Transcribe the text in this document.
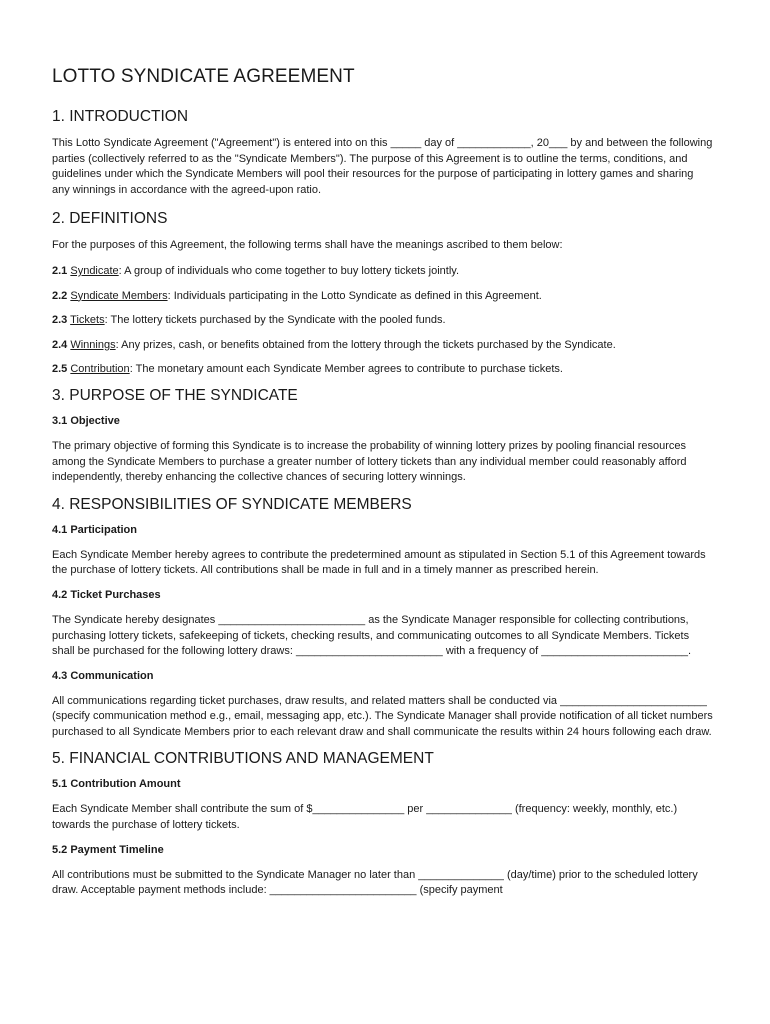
LOTTO SYNDICATE AGREEMENT
1. INTRODUCTION

This Lotto Syndicate Agreement ("Agreement") is entered into on this _____ day of ____________, 20___ by and between the following parties (collectively referred to as the "Syndicate Members"). The purpose of this Agreement is to outline the terms, conditions, and guidelines under which the Syndicate Members will pool their resources for the purpose of participating in lottery games and sharing any winnings in accordance with the agreed-upon ratio.

2. DEFINITIONS

For the purposes of this Agreement, the following terms shall have the meanings ascribed to them below:

2.1 Syndicate: A group of individuals who come together to buy lottery tickets jointly.

2.2 Syndicate Members: Individuals participating in the Lotto Syndicate as defined in this Agreement.

2.3 Tickets: The lottery tickets purchased by the Syndicate with the pooled funds.

2.4 Winnings: Any prizes, cash, or benefits obtained from the lottery through the tickets purchased by the Syndicate.

2.5 Contribution: The monetary amount each Syndicate Member agrees to contribute to purchase tickets.

3. PURPOSE OF THE SYNDICATE
3.1 Objective

The primary objective of forming this Syndicate is to increase the probability of winning lottery prizes by pooling financial resources among the Syndicate Members to purchase a greater number of lottery tickets than any individual member could reasonably afford independently, thereby enhancing the collective chances of securing lottery winnings.

4. RESPONSIBILITIES OF SYNDICATE MEMBERS
4.1 Participation

Each Syndicate Member hereby agrees to contribute the predetermined amount as stipulated in Section 5.1 of this Agreement towards the purchase of lottery tickets. All contributions shall be made in full and in a timely manner as prescribed herein.

4.2 Ticket Purchases

The Syndicate hereby designates ________________________ as the Syndicate Manager responsible for collecting contributions, purchasing lottery tickets, safekeeping of tickets, checking results, and communicating outcomes to all Syndicate Members. Tickets shall be purchased for the following lottery draws: ________________________ with a frequency of ________________________.

4.3 Communication

All communications regarding ticket purchases, draw results, and related matters shall be conducted via ________________________ (specify communication method e.g., email, messaging app, etc.). The Syndicate Manager shall provide notification of all ticket numbers purchased to all Syndicate Members prior to each relevant draw and shall communicate the results within 24 hours following each draw.

5. FINANCIAL CONTRIBUTIONS AND MANAGEMENT
5.1 Contribution Amount

Each Syndicate Member shall contribute the sum of $_______________ per ______________ (frequency: weekly, monthly, etc.) towards the purchase of lottery tickets.

5.2 Payment Timeline

All contributions must be submitted to the Syndicate Manager no later than ______________ (day/time) prior to the scheduled lottery draw. Acceptable payment methods include: ________________________ (specify payment
